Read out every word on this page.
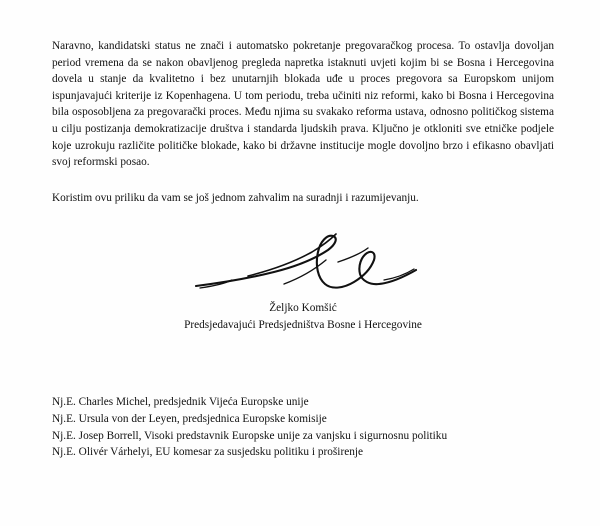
Naravno, kandidatski status ne znači i automatsko pokretanje pregovaračkog procesa. To ostavlja dovoljan period vremena da se nakon obavljenog pregleda napretka istaknuti uvjeti kojim bi se Bosna i Hercegovina dovela u stanje da kvalitetno i bez unutarnjih blokada uđe u proces pregovora sa Europskom unijom ispunjavajući kriterije iz Kopenhagena. U tom periodu, treba učiniti niz reformi, kako bi Bosna i Hercegovina bila osposobljena za pregovarački proces. Među njima su svakako reforma ustava, odnosno političkog sistema u cilju postizanja demokratizacije društva i standarda ljudskih prava. Ključno je otkloniti sve etničke podjele koje uzrokuju različite političke blokade, kako bi državne institucije mogle dovoljno brzo i efikasno obavljati svoj reformski posao.

Koristim ovu priliku da vam se još jednom zahvalim na suradnji i razumijevanju.

Željko Komšić

Predsjedavajući Predsjedništva Bosne i Hercegovine

Nj.E. Charles Michel, predsjednik Vijeća Europske unije

Nj.E. Ursula von der Leyen, predsjednica Europske komisije

Nj.E. Josep Borrell, Visoki predstavnik Europske unije za vanjsku i sigurnosnu politiku

Nj.E. Olivér Várhelyi, EU komesar za susjedsku politiku i proširenje
